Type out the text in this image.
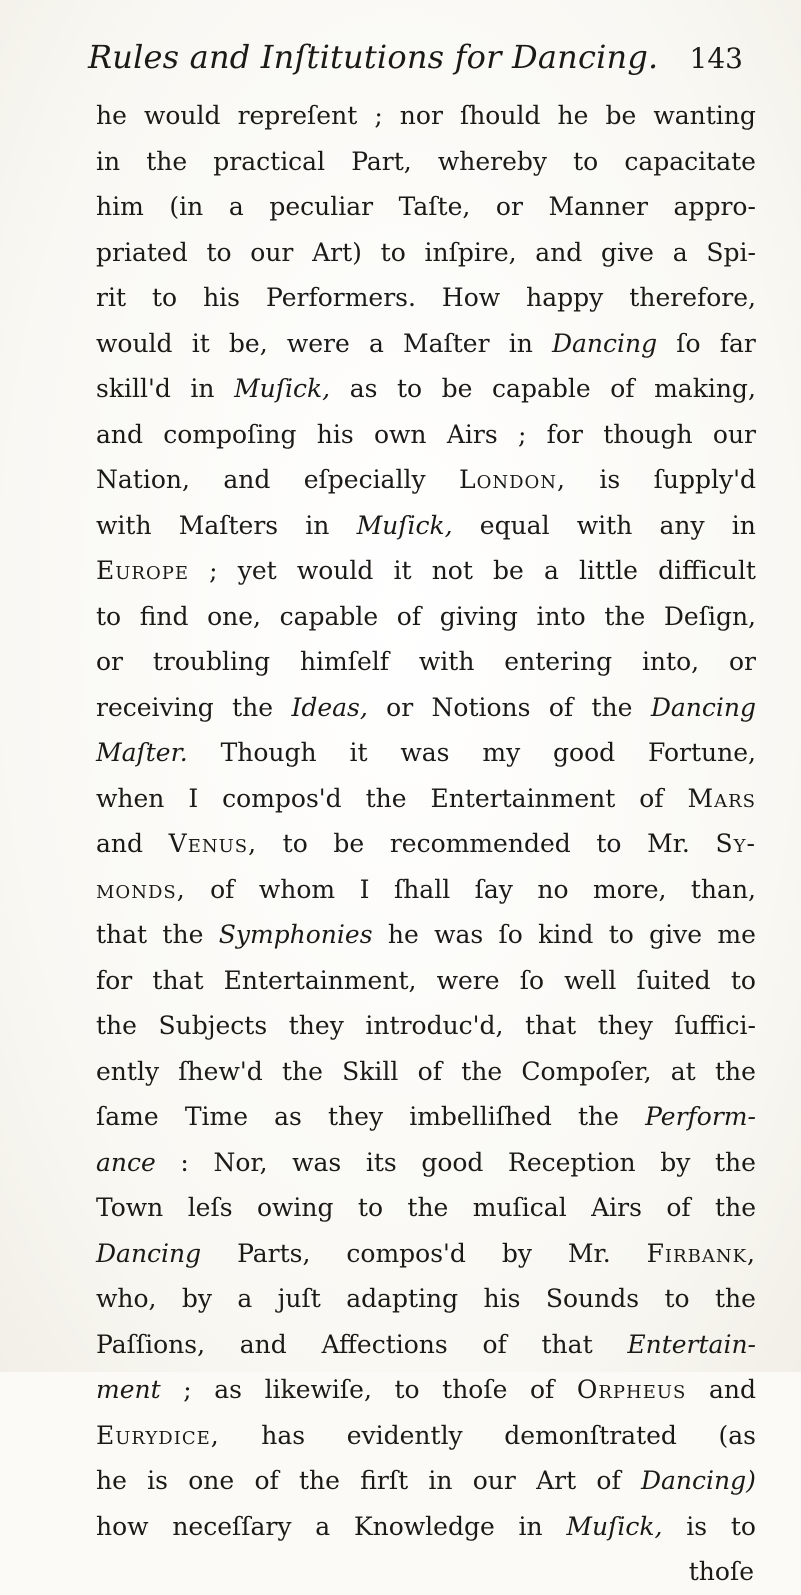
Rules and Inſtitutions for Dancing. 143
he would repreſent ; nor ſhould he be wanting
in the practical Part, whereby to capacitate
him (in a peculiar Taſte, or Manner appro-
priated to our Art) to inſpire, and give a Spi-
rit to his Performers. How happy therefore,
would it be, were a Maſter in Dancing ſo far
skill'd in Muſick, as to be capable of making,
and compoſing his own Airs ; for though our
Nation, and eſpecially London, is ſupply'd
with Maſters in Muſick, equal with any in
Europe ; yet would it not be a little difficult
to find one, capable of giving into the Deſign,
or troubling himſelf with entering into, or
receiving the Ideas, or Notions of the Dancing
Maſter. Though it was my good Fortune,
when I compos'd the Entertainment of Mars
and Venus, to be recommended to Mr. Sy-
monds, of whom I ſhall ſay no more, than,
that the Symphonies he was ſo kind to give me
for that Entertainment, were ſo well ſuited to
the Subjects they introduc'd, that they ſuffici-
ently ſhew'd the Skill of the Compoſer, at the
ſame Time as they imbelliſhed the Perform-
ance : Nor, was its good Reception by the
Town leſs owing to the muſical Airs of the
Dancing Parts, compos'd by Mr. Firbank,
who, by a juſt adapting his Sounds to the
Paſſions, and Affections of that Entertain-
ment ; as likewiſe, to thoſe of Orpheus and
Eurydice, has evidently demonſtrated (as
he is one of the firſt in our Art of Dancing)
how neceſſary a Knowledge in Muſick, is to
thoſe
